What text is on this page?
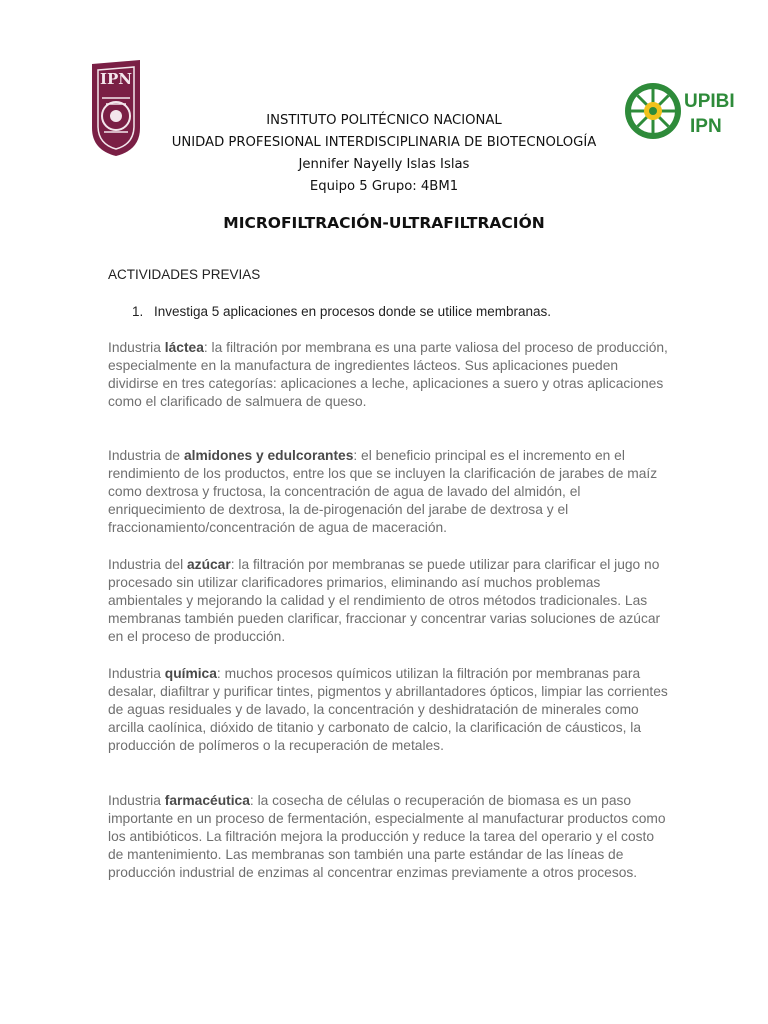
IPN
UPIBI
IPN
INSTITUTO POLITÉCNICO NACIONAL
UNIDAD PROFESIONAL INTERDISCIPLINARIA DE BIOTECNOLOGÍA
Jennifer Nayelly Islas Islas
Equipo 5 Grupo: 4BM1
MICROFILTRACIÓN-ULTRAFILTRACIÓN
ACTIVIDADES PREVIAS
1. Investiga 5 aplicaciones en procesos donde se utilice membranas.

Industria láctea: la filtración por membrana es una parte valiosa del proceso de producción, especialmente en la manufactura de ingredientes lácteos. Sus aplicaciones pueden dividirse en tres categorías: aplicaciones a leche, aplicaciones a suero y otras aplicaciones como el clarificado de salmuera de queso.

Industria de almidones y edulcorantes: el beneficio principal es el incremento en el rendimiento de los productos, entre los que se incluyen la clarificación de jarabes de maíz como dextrosa y fructosa, la concentración de agua de lavado del almidón, el enriquecimiento de dextrosa, la de-pirogenación del jarabe de dextrosa y el fraccionamiento/concentración de agua de maceración.

Industria del azúcar: la filtración por membranas se puede utilizar para clarificar el jugo no procesado sin utilizar clarificadores primarios, eliminando así muchos problemas ambientales y mejorando la calidad y el rendimiento de otros métodos tradicionales. Las membranas también pueden clarificar, fraccionar y concentrar varias soluciones de azúcar en el proceso de producción.

Industria química: muchos procesos químicos utilizan la filtración por membranas para desalar, diafiltrar y purificar tintes, pigmentos y abrillantadores ópticos, limpiar las corrientes de aguas residuales y de lavado, la concentración y deshidratación de minerales como arcilla caolínica, dióxido de titanio y carbonato de calcio, la clarificación de cáusticos, la producción de polímeros o la recuperación de metales.

Industria farmacéutica: la cosecha de células o recuperación de biomasa es un paso importante en un proceso de fermentación, especialmente al manufacturar productos como los antibióticos. La filtración mejora la producción y reduce la tarea del operario y el costo de mantenimiento. Las membranas son también una parte estándar de las líneas de producción industrial de enzimas al concentrar enzimas previamente a otros procesos.
